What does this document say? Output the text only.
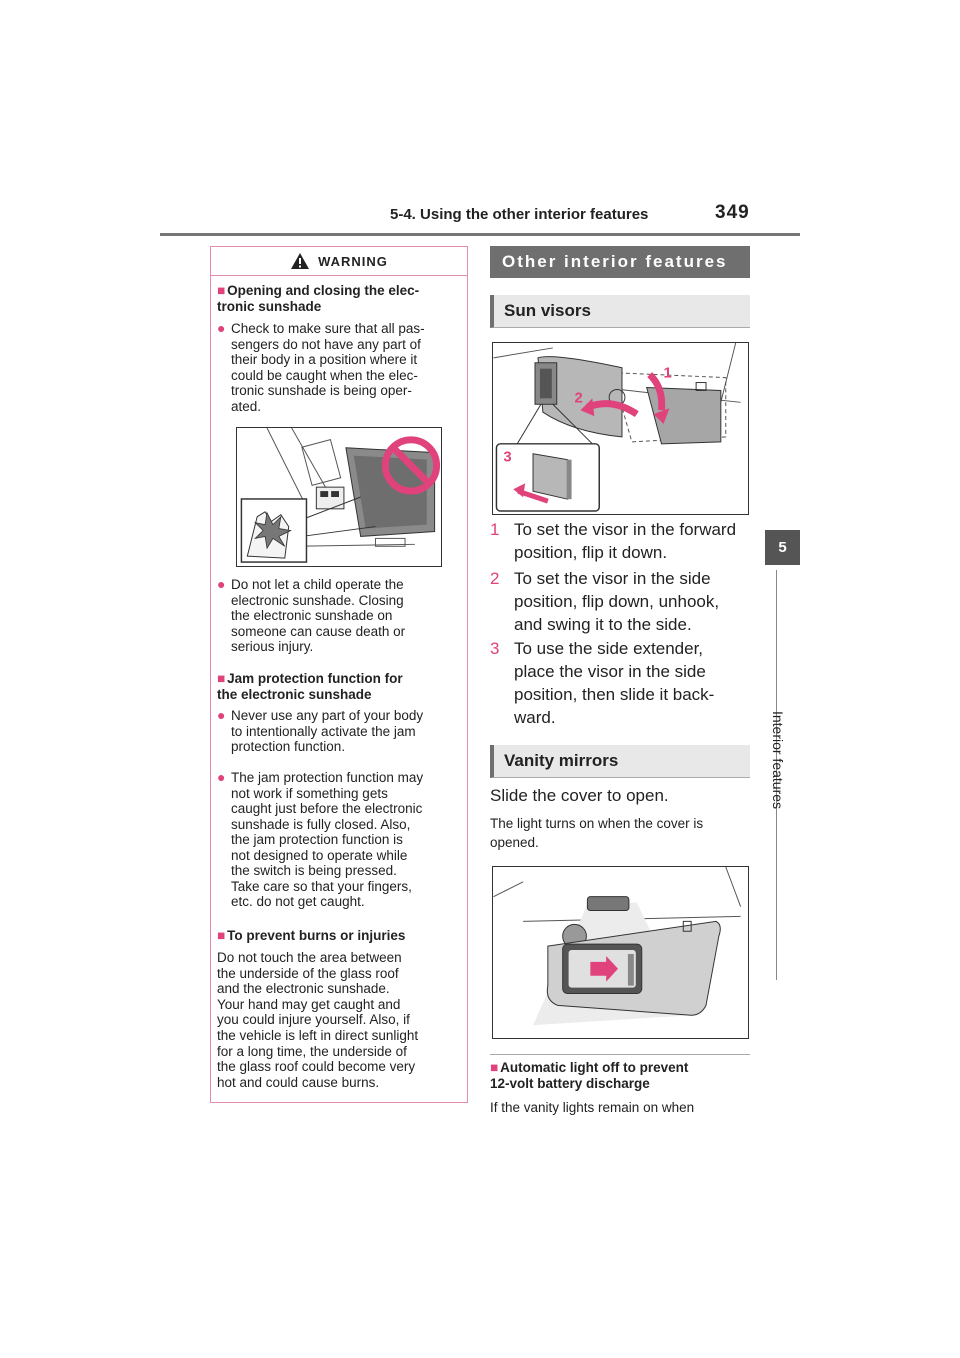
5-4. Using the other interior features	349
5
Interior features
WARNING
■ Opening and closing the elec-
tronic sunshade
● Check to make sure that all pas-
sengers do not have any part of
their body in a position where it
could be caught when the elec-
tronic sunshade is being oper-
ated.
● Do not let a child operate the
electronic sunshade. Closing
the electronic sunshade on
someone can cause death or
serious injury.
■ Jam protection function for
the electronic sunshade
● Never use any part of your body
to intentionally activate the jam
protection function.
● The jam protection function may
not work if something gets
caught just before the electronic
sunshade is fully closed. Also,
the jam protection function is
not designed to operate while
the switch is being pressed.
Take care so that your fingers,
etc. do not get caught.
■ To prevent burns or injuries
Do not touch the area between
the underside of the glass roof
and the electronic sunshade.
Your hand may get caught and
you could injure yourself. Also, if
the vehicle is left in direct sunlight
for a long time, the underside of
the glass roof could become very
hot and could cause burns.
Other interior features
Sun visors
1
2
3
1 To set the visor in the forward
position, flip it down.
2 To set the visor in the side
position, flip down, unhook,
and swing it to the side.
3 To use the side extender,
place the visor in the side
position, then slide it back-
ward.
Vanity mirrors
Slide the cover to open.
The light turns on when the cover is
opened.
■ Automatic light off to prevent
12-volt battery discharge
If the vanity lights remain on when
